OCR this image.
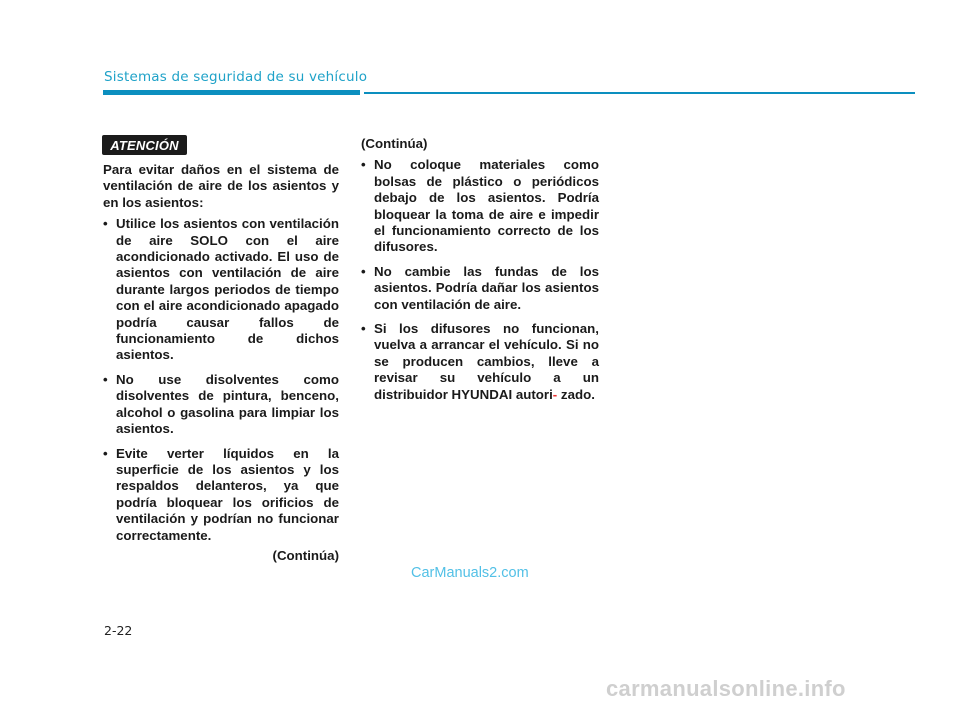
Sistemas de seguridad de su vehículo
ATENCIÓN

Para evitar daños en el sistema de ventilación de aire de los asientos y en los asientos:

• Utilice los asientos con ventilación de aire SOLO con el aire acondicionado activado. El uso de asientos con ventilación de aire durante largos periodos de tiempo con el aire acondicionado apagado podría causar fallos de funcionamiento de dichos asientos.
• No use disolventes como disolventes de pintura, benceno, alcohol o gasolina para limpiar los asientos.
• Evite verter líquidos en la superficie de los asientos y los respaldos delanteros, ya que podría bloquear los orificios de ventilación y podrían no funcionar correctamente.
(Continúa)

(Continúa)

• No coloque materiales como bolsas de plástico o periódicos debajo de los asientos. Podría bloquear la toma de aire e impedir el funcionamiento correcto de los difusores.
• No cambie las fundas de los asientos. Podría dañar los asientos con ventilación de aire.
• Si los difusores no funcionan, vuelva a arrancar el vehículo. Si no se producen cambios, lleve a revisar su vehículo a un distribuidor HYUNDAI autori- zado.
CarManuals2.com
2-22
carmanualsonline.info
